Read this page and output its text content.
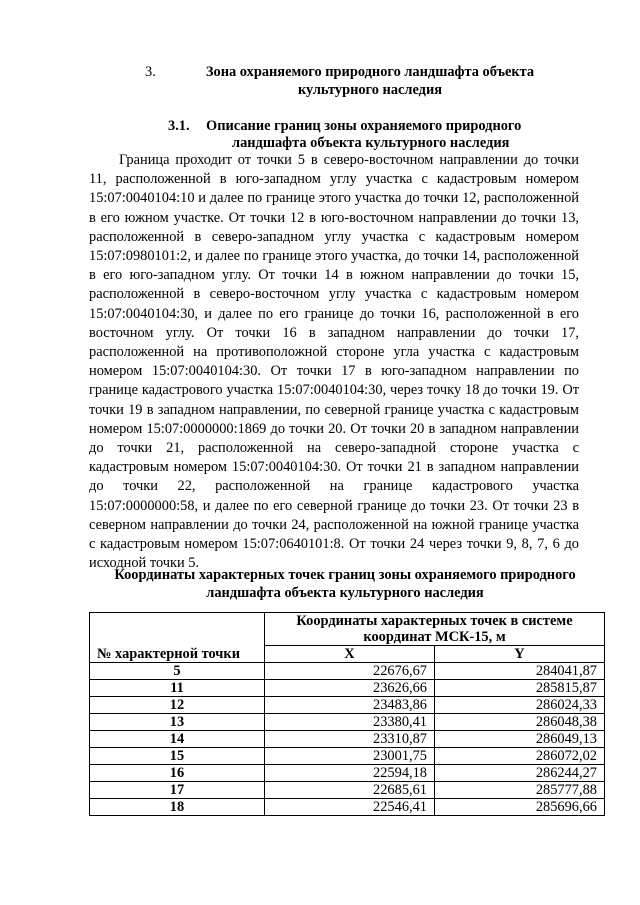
3.	Зона охраняемого природного ландшафта объекта культурного наследия
3.1. Описание границ зоны охраняемого природного
ландшафта объекта культурного наследия

Граница проходит от точки 5 в северо-восточном направлении до точки 11, расположенной в юго-западном углу участка с кадастровым номером 15:07:0040104:10 и далее по границе этого участка до точки 12, расположенной в его южном участке. От точки 12 в юго-восточном направлении до точки 13, расположенной в северо-западном углу участка с кадастровым номером 15:07:0980101:2, и далее по границе этого участка, до точки 14, расположенной в его юго-западном углу. От точки 14 в южном направлении до точки 15, расположенной в северо-восточном углу участка с кадастровым номером 15:07:0040104:30, и далее по его границе до точки 16, расположенной в его восточном углу. От точки 16 в западном направлении до точки 17, расположенной на противоположной стороне угла участка с кадастровым номером 15:07:0040104:30. От точки 17 в юго-западном направлении по границе кадастрового участка 15:07:0040104:30, через точку 18 до точки 19. От точки 19 в западном направлении, по северной границе участка с кадастровым номером 15:07:0000000:1869 до точки 20. От точки 20 в западном направлении до точки 21, расположенной на северо-западной стороне участка с кадастровым номером 15:07:0040104:30. От точки 21 в западном направлении до точки 22, расположенной на границе кадастрового участка 15:07:0000000:58, и далее по его северной границе до точки 23. От точки 23 в северном направлении до точки 24, расположенной на южной границе участка с кадастровым номером 15:07:0640101:8. От точки 24 через точки 9, 8, 7, 6 до исходной точки 5.

Координаты характерных точек границ зоны охраняемого природного ландшафта объекта культурного наследия
№ характерной точки	Координаты характерных точек в системе координат МСК-15, м	
	X	Y
5	22676,67	284041,87
11	23626,66	285815,87
12	23483,86	286024,33
13	23380,41	286048,38
14	23310,87	286049,13
15	23001,75	286072,02
16	22594,18	286244,27
17	22685,61	285777,88
18	22546,41	285696,66
